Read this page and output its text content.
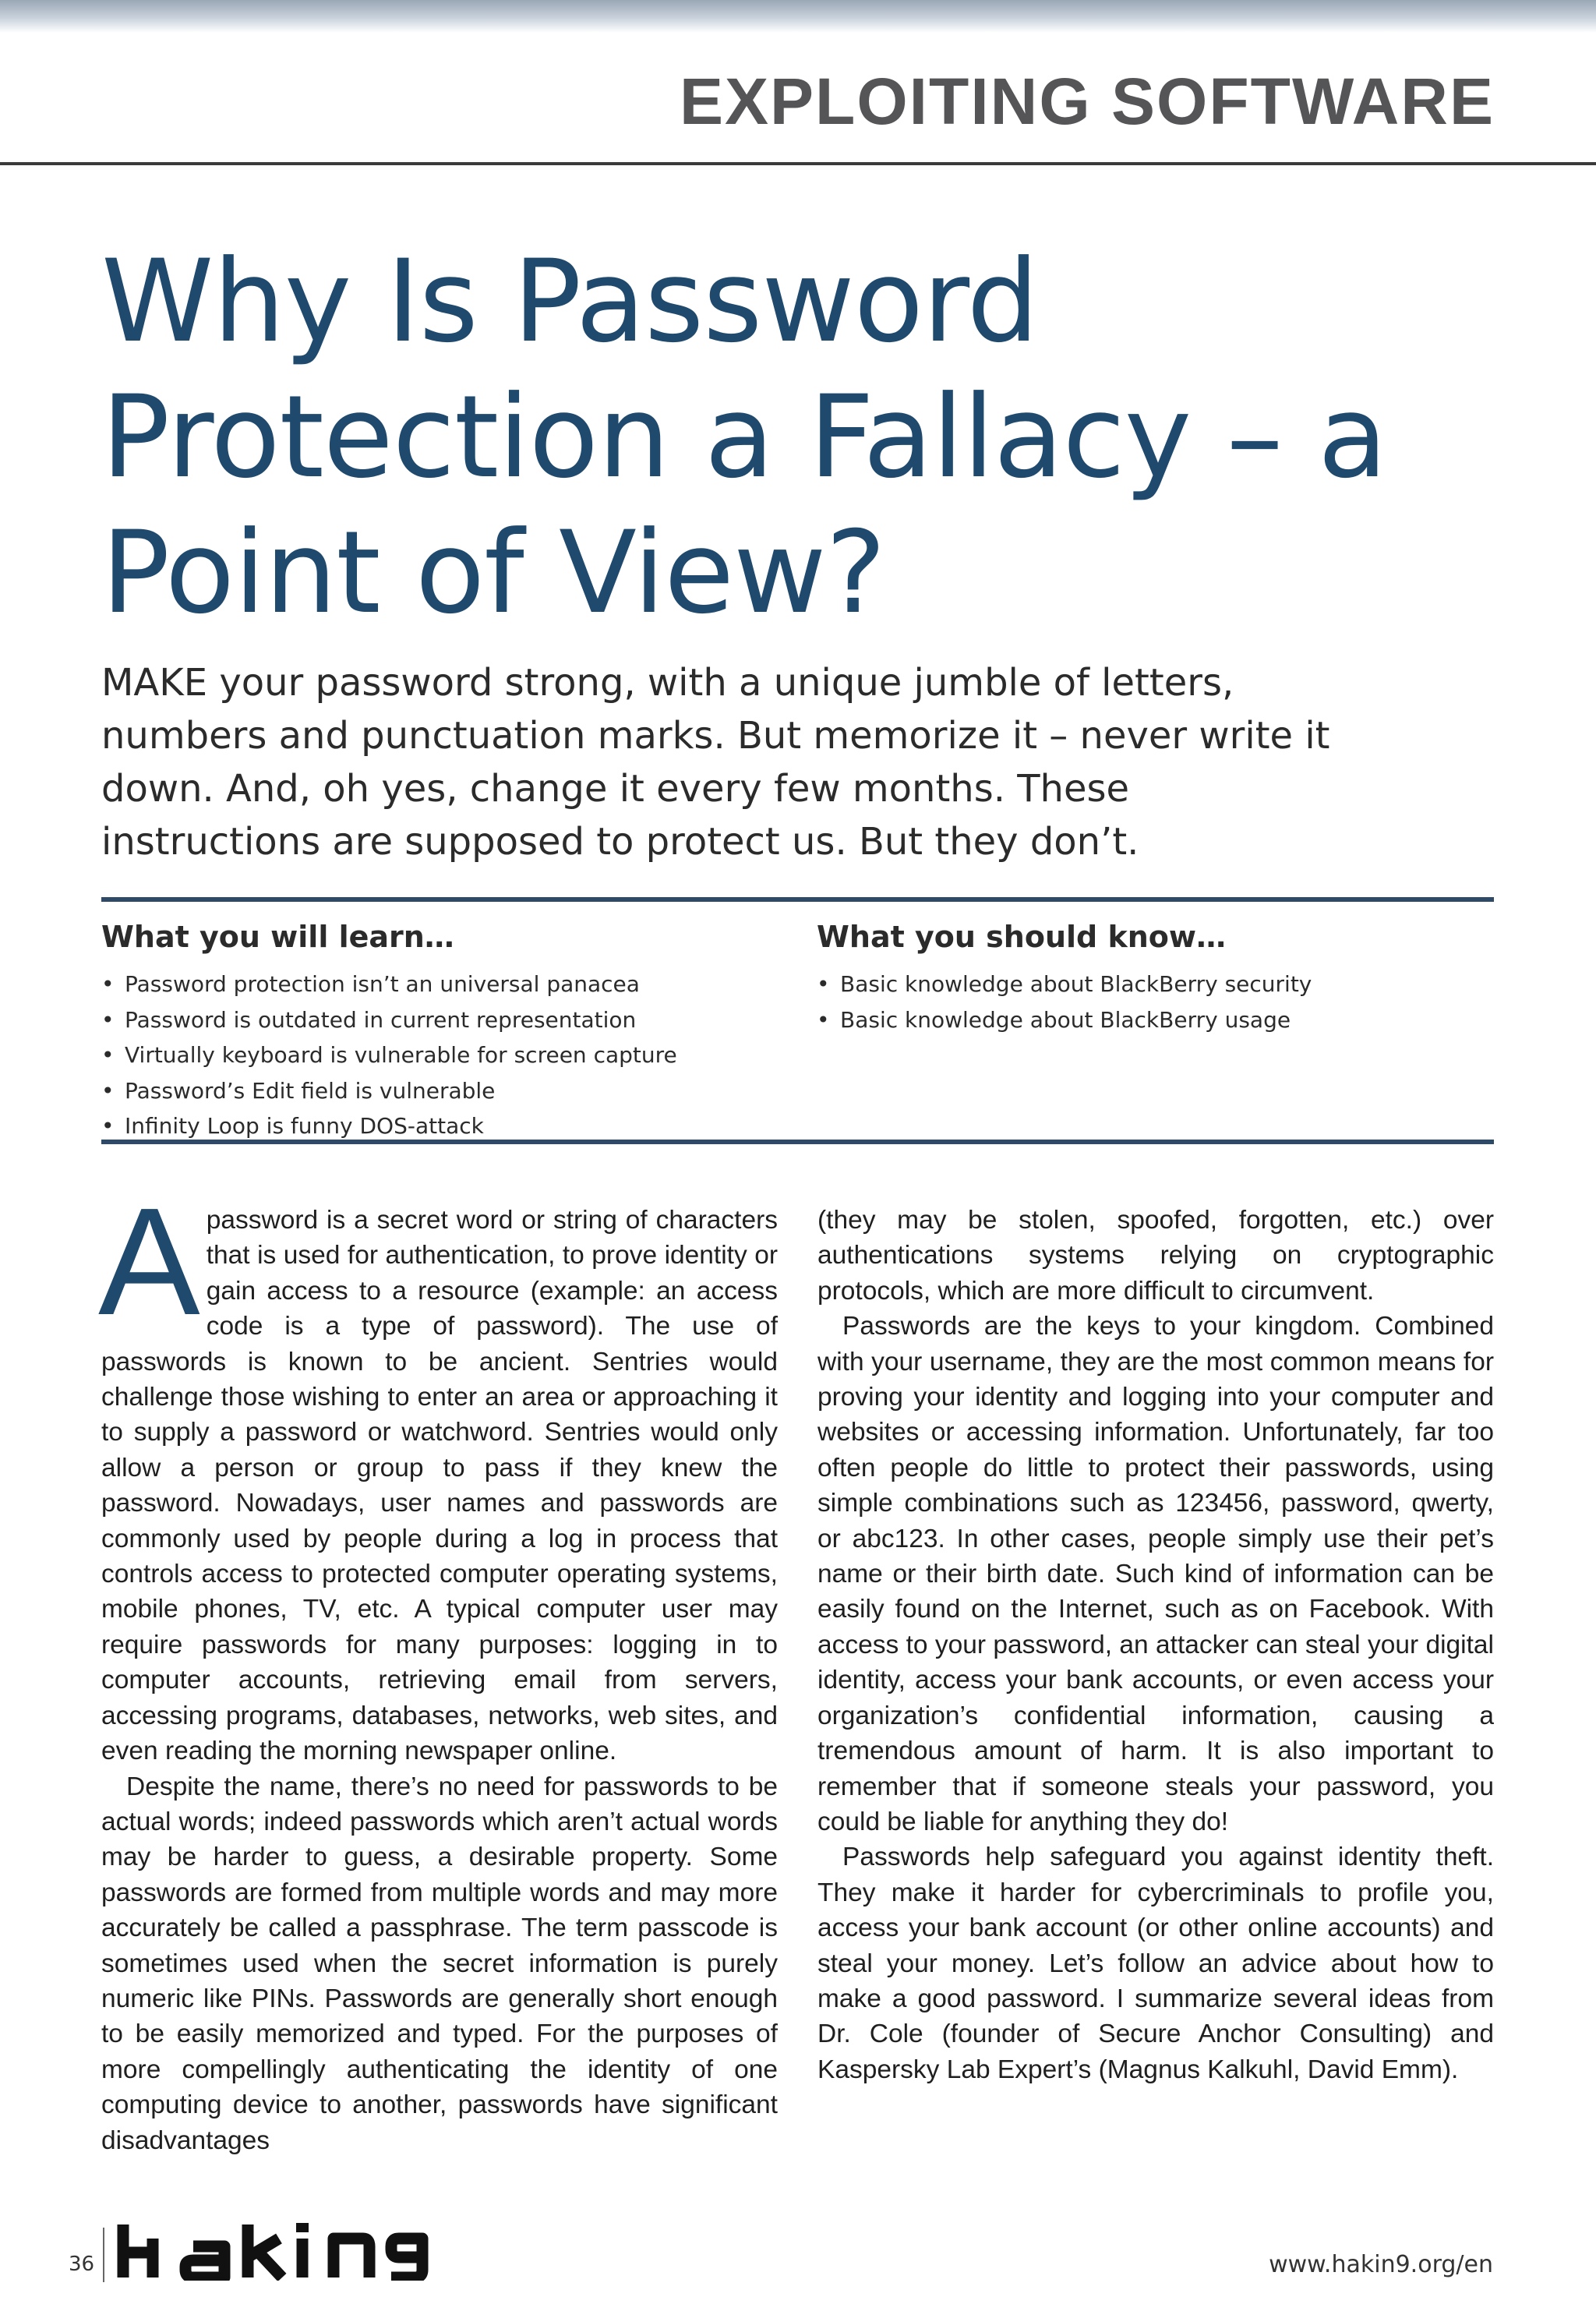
EXPLOITING SOFTWARE
Why Is Password Protection a Fallacy – a Point of View?
MAKE your password strong, with a unique jumble of letters, numbers and punctuation marks. But memorize it – never write it down. And, oh yes, change it every few months. These instructions are supposed to protect us. But they don’t.
What you will learn…
• Password protection isn’t an universal panacea
• Password is outdated in current representation
• Virtually keyboard is vulnerable for screen capture
• Password’s Edit field is vulnerable
• Infinity Loop is funny DOS-attack
What you should know…
• Basic knowledge about BlackBerry security
• Basic knowledge about BlackBerry usage

Apassword is a secret word or string of characters that is used for authentication, to prove identity or gain access to a resource (example: an access code is a type of password). The use of passwords is known to be ancient. Sentries would challenge those wishing to enter an area or approaching it to supply a password or watchword. Sentries would only allow a person or group to pass if they knew the password. Nowadays, user names and passwords are commonly used by people during a log in process that controls access to protected computer operating systems, mobile phones, TV, etc. A typical computer user may require passwords for many purposes: logging in to computer accounts, retrieving email from servers, accessing programs, databases, networks, web sites, and even reading the morning newspaper online.

Despite the name, there’s no need for passwords to be actual words; indeed passwords which aren’t actual words may be harder to guess, a desirable property. Some passwords are formed from multiple words and may more accurately be called a passphrase. The term passcode is sometimes used when the secret information is purely numeric like PINs. Passwords are generally short enough to be easily memorized and typed. For the purposes of more compellingly authenticating the identity of one computing device to another, passwords have significant disadvantages

(they may be stolen, spoofed, forgotten, etc.) over authentications systems relying on cryptographic protocols, which are more difficult to circumvent.

Passwords are the keys to your kingdom. Combined with your username, they are the most common means for proving your identity and logging into your computer and websites or accessing information. Unfortunately, far too often people do little to protect their passwords, using simple combinations such as 123456, password, qwerty, or abc123. In other cases, people simply use their pet’s name or their birth date. Such kind of information can be easily found on the Internet, such as on Facebook. With access to your password, an attacker can steal your digital identity, access your bank accounts, or even access your organization’s confidential information, causing a tremendous amount of harm. It is also important to remember that if someone steals your password, you could be liable for anything they do!

Passwords help safeguard you against identity theft. They make it harder for cybercriminals to profile you, access your bank account (or other online accounts) and steal your money. Let’s follow an advice about how to make a good password. I summarize several ideas from Dr. Cole (founder of Secure Anchor Consulting) and Kaspersky Lab Expert’s (Magnus Kalkuhl, David Emm).

36	www.hakin9.org/en
